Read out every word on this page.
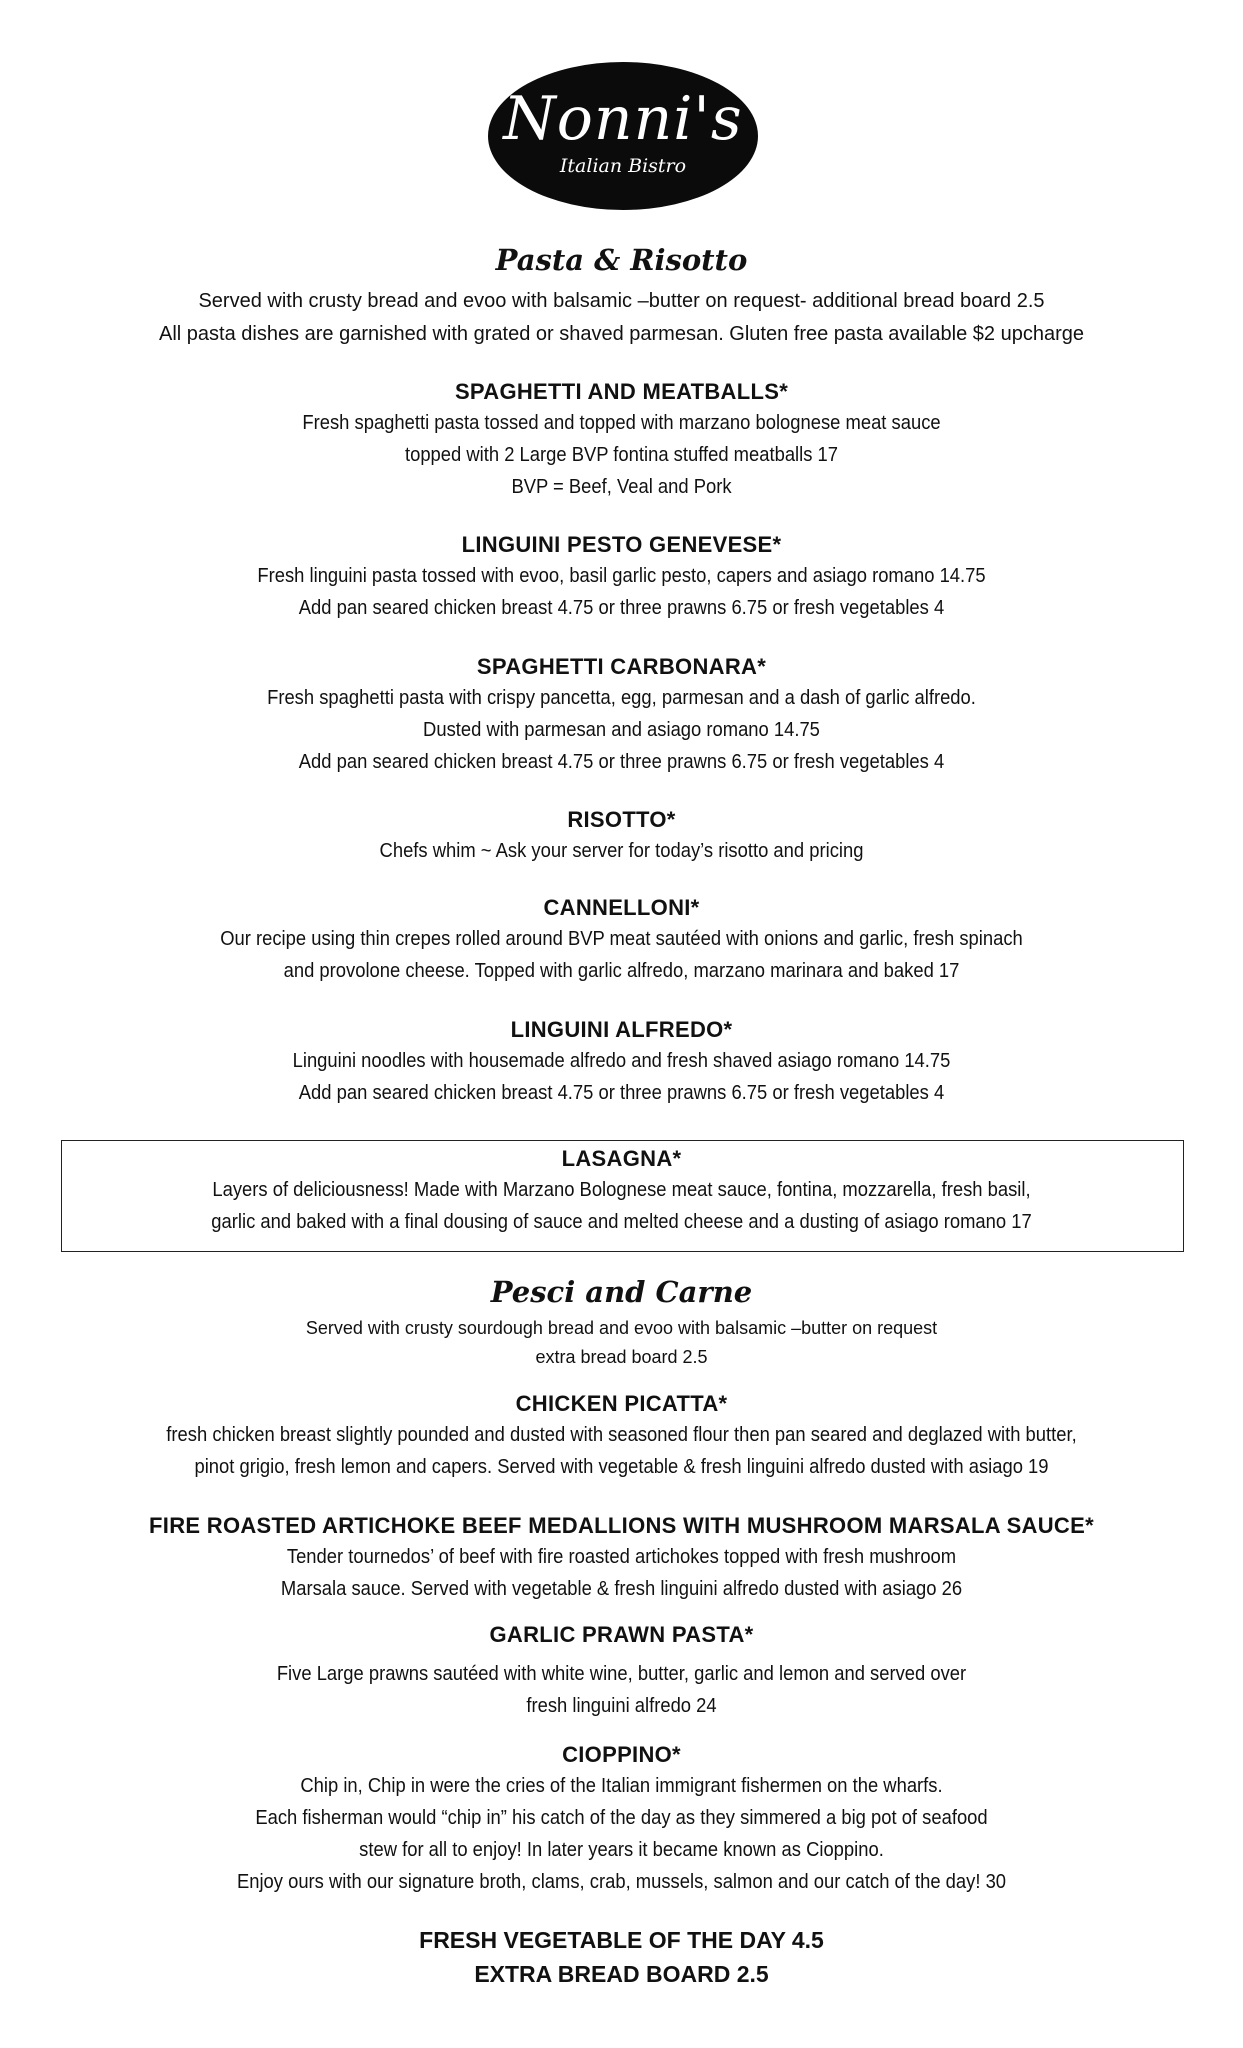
Nonni's
Italian Bistro
Pasta & Risotto
Served with crusty bread and evoo with balsamic –butter on request- additional bread board 2.5
All pasta dishes are garnished with grated or shaved parmesan. Gluten free pasta available $2 upcharge
SPAGHETTI AND MEATBALLS*
Fresh spaghetti pasta tossed and topped with marzano bolognese meat sauce
topped with 2 Large BVP fontina stuffed meatballs 17
BVP = Beef, Veal and Pork
LINGUINI PESTO GENEVESE*
Fresh linguini pasta tossed with evoo, basil garlic pesto, capers and asiago romano 14.75
Add pan seared chicken breast 4.75 or three prawns 6.75 or fresh vegetables 4
SPAGHETTI CARBONARA*
Fresh spaghetti pasta with crispy pancetta, egg, parmesan and a dash of garlic alfredo.
Dusted with parmesan and asiago romano 14.75
Add pan seared chicken breast 4.75 or three prawns 6.75 or fresh vegetables 4
RISOTTO*
Chefs whim ~ Ask your server for today’s risotto and pricing
CANNELLONI*
Our recipe using thin crepes rolled around BVP meat sautéed with onions and garlic, fresh spinach
and provolone cheese. Topped with garlic alfredo, marzano marinara and baked 17
LINGUINI ALFREDO*
Linguini noodles with housemade alfredo and fresh shaved asiago romano 14.75
Add pan seared chicken breast 4.75 or three prawns 6.75 or fresh vegetables 4
LASAGNA*
Layers of deliciousness! Made with Marzano Bolognese meat sauce, fontina, mozzarella, fresh basil,
garlic and baked with a final dousing of sauce and melted cheese and a dusting of asiago romano 17
Pesci and Carne
Served with crusty sourdough bread and evoo with balsamic –butter on request
extra bread board 2.5
CHICKEN PICATTA*
fresh chicken breast slightly pounded and dusted with seasoned flour then pan seared and deglazed with butter,
pinot grigio, fresh lemon and capers. Served with vegetable & fresh linguini alfredo dusted with asiago 19
FIRE ROASTED ARTICHOKE BEEF MEDALLIONS WITH MUSHROOM MARSALA SAUCE*
Tender tournedos’ of beef with fire roasted artichokes topped with fresh mushroom
Marsala sauce. Served with vegetable & fresh linguini alfredo dusted with asiago 26
GARLIC PRAWN PASTA*
Five Large prawns sautéed with white wine, butter, garlic and lemon and served over
fresh linguini alfredo 24
CIOPPINO*
Chip in, Chip in were the cries of the Italian immigrant fishermen on the wharfs.
Each fisherman would “chip in” his catch of the day as they simmered a big pot of seafood
stew for all to enjoy! In later years it became known as Cioppino.
Enjoy ours with our signature broth, clams, crab, mussels, salmon and our catch of the day! 30
FRESH VEGETABLE OF THE DAY 4.5
EXTRA BREAD BOARD 2.5
